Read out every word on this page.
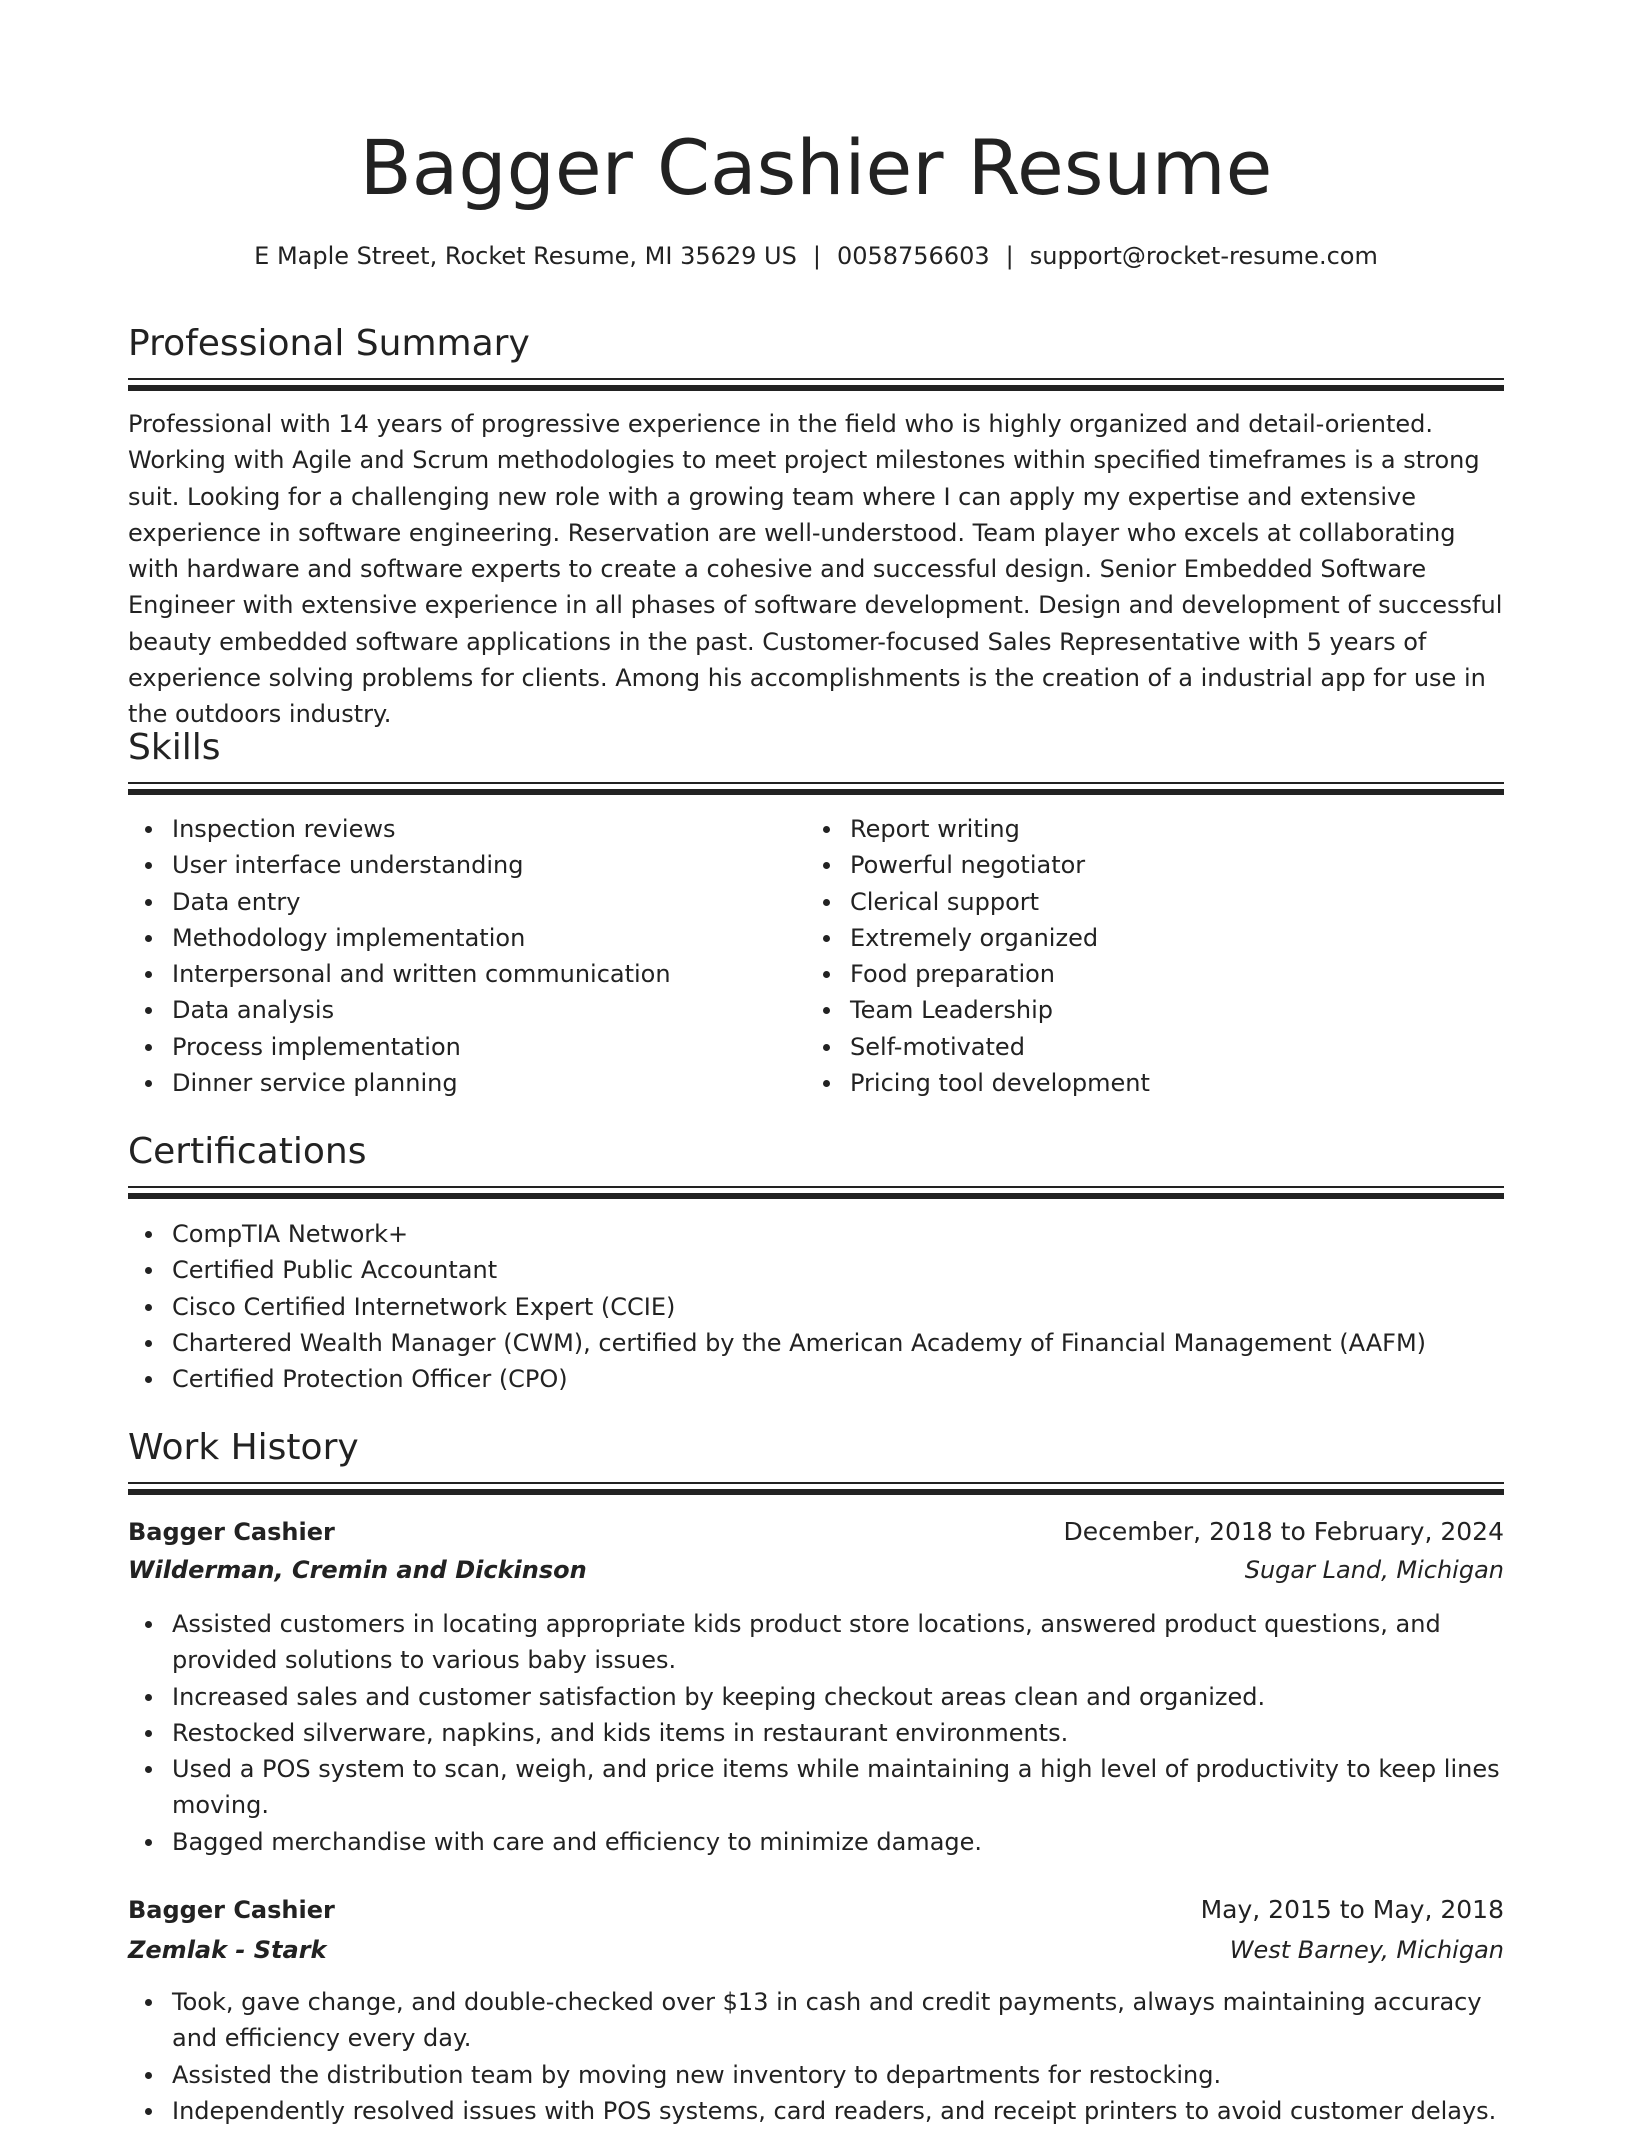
Bagger Cashier Resume
E Maple Street, Rocket Resume, MI 35629 US | 0058756603 | support@rocket-resume.com
Professional Summary

Professional with 14 years of progressive experience in the field who is highly organized and detail-oriented. Working with Agile and Scrum methodologies to meet project milestones within specified timeframes is a strong suit. Looking for a challenging new role with a growing team where I can apply my expertise and extensive experience in software engineering. Reservation are well-understood. Team player who excels at collaborating with hardware and software experts to create a cohesive and successful design. Senior Embedded Software Engineer with extensive experience in all phases of software development. Design and development of successful beauty embedded software applications in the past. Customer-focused Sales Representative with 5 years of experience solving problems for clients. Among his accomplishments is the creation of a industrial app for use in the outdoors industry.

Skills
Inspection reviews
User interface understanding
Data entry
Methodology implementation
Interpersonal and written communication
Data analysis
Process implementation
Dinner service planning
Report writing
Powerful negotiator
Clerical support
Extremely organized
Food preparation
Team Leadership
Self-motivated
Pricing tool development
Certifications
CompTIA Network+
Certified Public Accountant
Cisco Certified Internetwork Expert (CCIE)
Chartered Wealth Manager (CWM), certified by the American Academy of Financial Management (AAFM)
Certified Protection Officer (CPO)
Work History
Bagger Cashier	December, 2018 to February, 2024
Wilderman, Cremin and Dickinson	Sugar Land, Michigan
Assisted customers in locating appropriate kids product store locations, answered product questions, and provided solutions to various baby issues.
Increased sales and customer satisfaction by keeping checkout areas clean and organized.
Restocked silverware, napkins, and kids items in restaurant environments.
Used a POS system to scan, weigh, and price items while maintaining a high level of productivity to keep lines moving.
Bagged merchandise with care and efficiency to minimize damage.
Bagger Cashier	May, 2015 to May, 2018
Zemlak - Stark	West Barney, Michigan
Took, gave change, and double-checked over $13 in cash and credit payments, always maintaining accuracy and efficiency every day.
Assisted the distribution team by moving new inventory to departments for restocking.
Independently resolved issues with POS systems, card readers, and receipt printers to avoid customer delays.
